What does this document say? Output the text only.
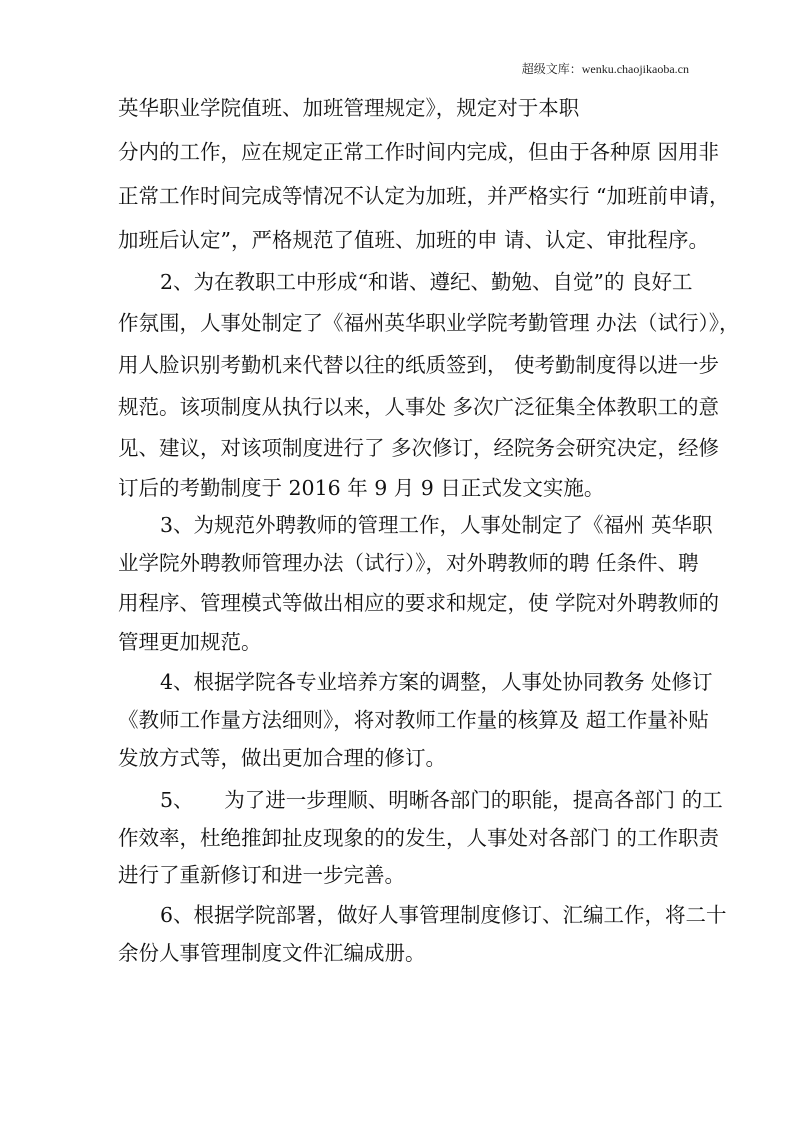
超级文库：wenku.chaojikaoba.cn
英华职业学院值班、加班管理规定》，规定对于本职
分内的工作，应在规定正常工作时间内完成，但由于各种原 因用非
正常工作时间完成等情况不认定为加班，并严格实行 “加班前申请，
加班后认定”，严格规范了值班、加班的申 请、认定、审批程序。
2、为在教职工中形成“和谐、遵纪、勤勉、自觉”的 良好工
作氛围，人事处制定了《福州英华职业学院考勤管理 办法（试行）》，
用人脸识别考勤机来代替以往的纸质签到， 使考勤制度得以进一步
规范。该项制度从执行以来，人事处 多次广泛征集全体教职工的意
见、建议，对该项制度进行了 多次修订，经院务会研究决定，经修
订后的考勤制度于 2016 年 9 月 9 日正式发文实施。
3、为规范外聘教师的管理工作，人事处制定了《福州 英华职
业学院外聘教师管理办法（试行）》，对外聘教师的聘 任条件、聘
用程序、管理模式等做出相应的要求和规定，使 学院对外聘教师的
管理更加规范。
4、根据学院各专业培养方案的调整，人事处协同教务 处修订
《教师工作量方法细则》，将对教师工作量的核算及 超工作量补贴
发放方式等，做出更加合理的修订。
5、　　为了进一步理顺、明晰各部门的职能，提高各部门 的工
作效率，杜绝推卸扯皮现象的的发生，人事处对各部门 的工作职责
进行了重新修订和进一步完善。
6、根据学院部署，做好人事管理制度修订、汇编工作，将二十
余份人事管理制度文件汇编成册。
